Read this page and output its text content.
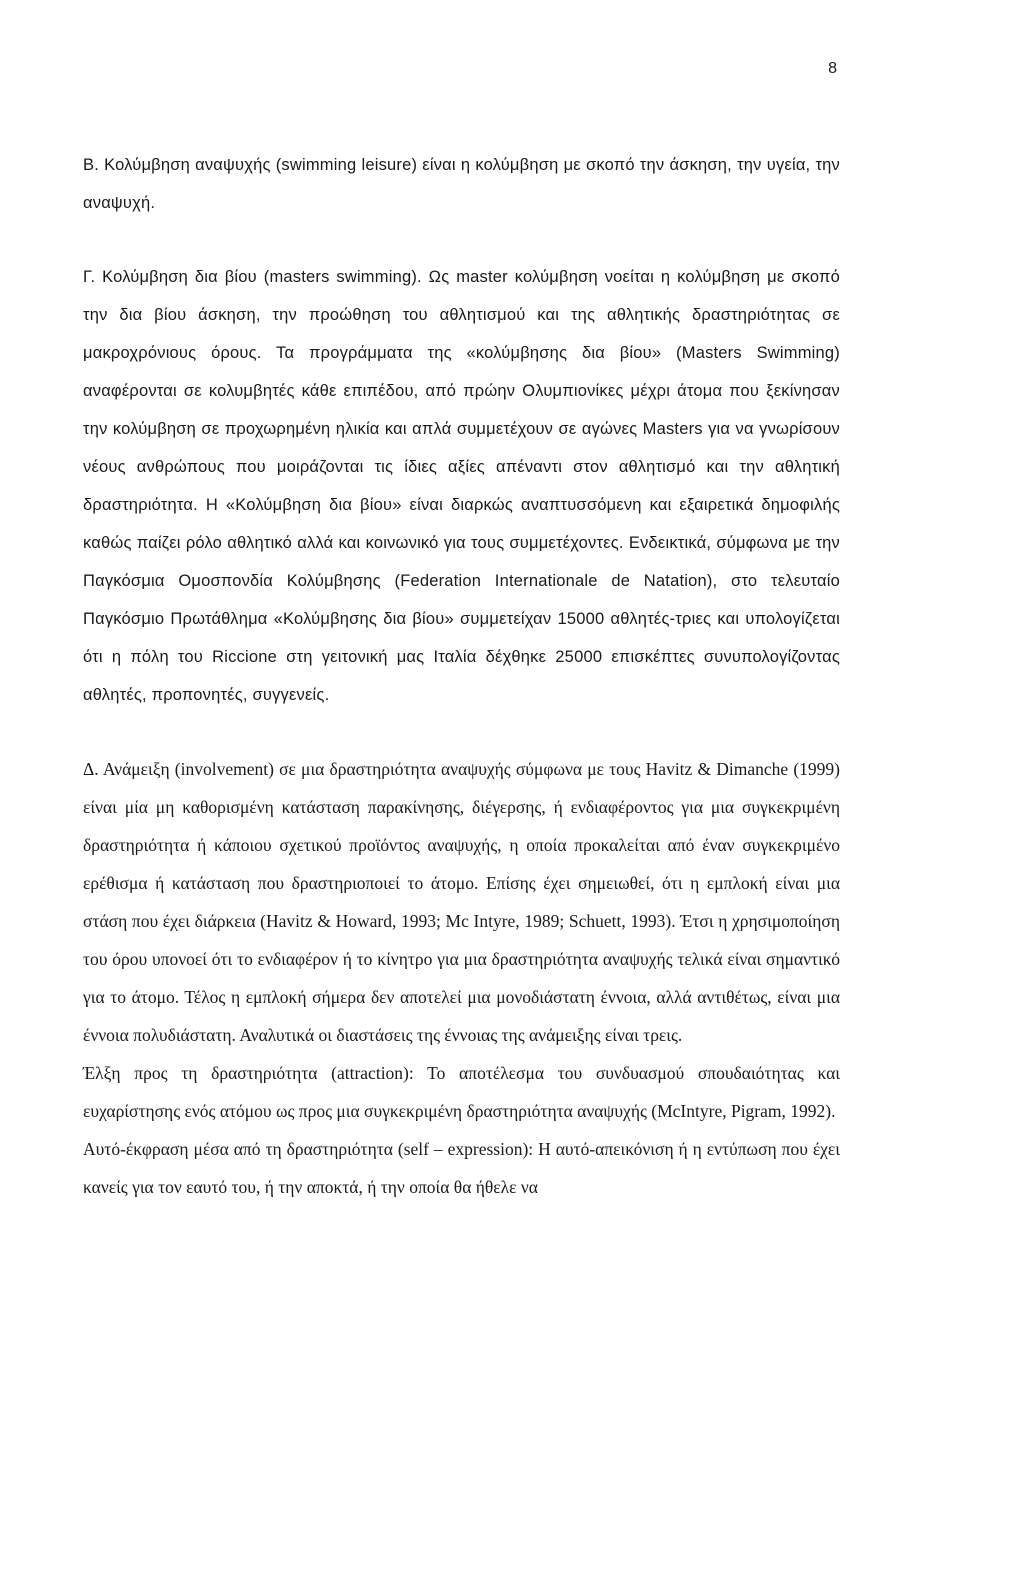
8

Β. Κολύμβηση αναψυχής (swimming leisure) είναι η κολύμβηση με σκοπό την άσκηση, την υγεία, την αναψυχή.

Γ. Κολύμβηση δια βίου (masters swimming). Ως master κολύμβηση νοείται η κολύμβηση με σκοπό την δια βίου άσκηση, την προώθηση του αθλητισμού και της αθλητικής δραστηριότητας σε μακροχρόνιους όρους. Τα προγράμματα της «κολύμβησης δια βίου» (Masters Swimming) αναφέρονται σε κολυμβητές κάθε επιπέδου, από πρώην Ολυμπιονίκες μέχρι άτομα που ξεκίνησαν την κολύμβηση σε προχωρημένη ηλικία και απλά συμμετέχουν σε αγώνες Masters για να γνωρίσουν νέους ανθρώπους που μοιράζονται τις ίδιες αξίες απέναντι στον αθλητισμό και την αθλητική δραστηριότητα. Η «Κολύμβηση δια βίου» είναι διαρκώς αναπτυσσόμενη και εξαιρετικά δημοφιλής καθώς παίζει ρόλο αθλητικό αλλά και κοινωνικό για τους συμμετέχοντες. Ενδεικτικά, σύμφωνα με την Παγκόσμια Ομοσπονδία Κολύμβησης (Federation Internationale de Natation), στο τελευταίο Παγκόσμιο Πρωτάθλημα «Κολύμβησης δια βίου» συμμετείχαν 15000 αθλητές-τριες και υπολογίζεται ότι η πόλη του Riccione στη γειτονική μας Ιταλία δέχθηκε 25000 επισκέπτες συνυπολογίζοντας αθλητές, προπονητές, συγγενείς.

Δ. Ανάμειξη (involvement) σε μια δραστηριότητα αναψυχής σύμφωνα με τους Havitz & Dimanche (1999) είναι μία μη καθορισμένη κατάσταση παρακίνησης, διέγερσης, ή ενδιαφέροντος για μια συγκεκριμένη δραστηριότητα ή κάποιου σχετικού προϊόντος αναψυχής, η οποία προκαλείται από έναν συγκεκριμένο ερέθισμα ή κατάσταση που δραστηριοποιεί το άτομο. Επίσης έχει σημειωθεί, ότι η εμπλοκή είναι μια στάση που έχει διάρκεια (Havitz & Howard, 1993; Mc Intyre, 1989; Schuett, 1993). Έτσι η χρησιμοποίηση του όρου υπονοεί ότι το ενδιαφέρον ή το κίνητρο για μια δραστηριότητα αναψυχής τελικά είναι σημαντικό για το άτομο. Τέλος η εμπλοκή σήμερα δεν αποτελεί μια μονοδιάστατη έννοια, αλλά αντιθέτως, είναι μια έννοια πολυδιάστατη. Αναλυτικά οι διαστάσεις της έννοιας της ανάμειξης είναι τρεις.

Έλξη προς τη δραστηριότητα (attraction): Το αποτέλεσμα του συνδυασμού σπουδαιότητας και ευχαρίστησης ενός ατόμου ως προς μια συγκεκριμένη δραστηριότητα αναψυχής (McIntyre, Pigram, 1992).

Αυτό-έκφραση μέσα από τη δραστηριότητα (self – expression): Η αυτό-απεικόνιση ή η εντύπωση που έχει κανείς για τον εαυτό του, ή την αποκτά, ή την οποία θα ήθελε να
